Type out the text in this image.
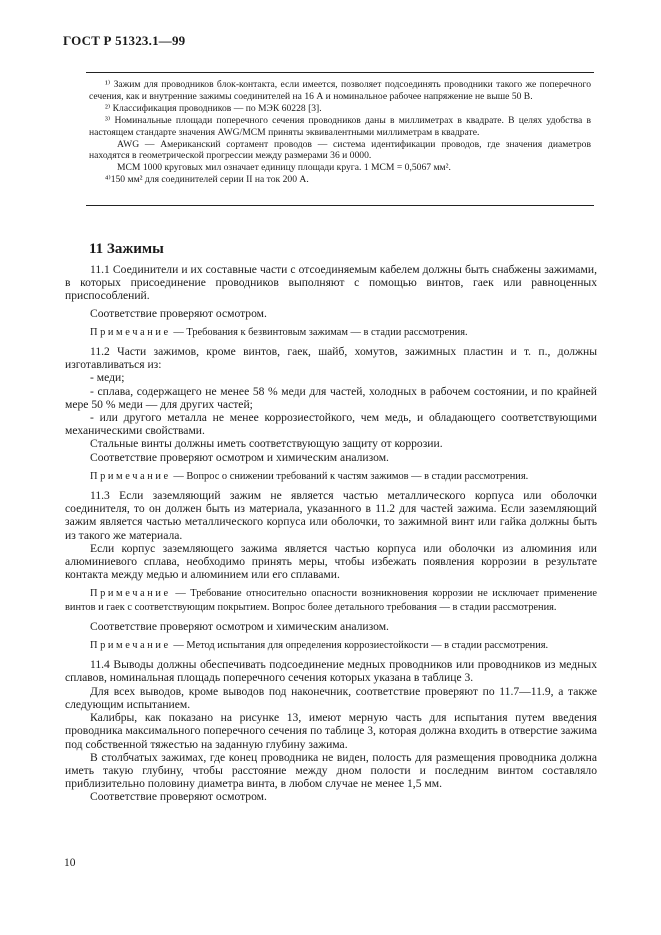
ГОСТ Р 51323.1—99

¹⁾ Зажим для проводников блок-контакта, если имеется, позволяет подсоединять проводники такого же поперечного сечения, как и внутренние зажимы соединителей на 16 А и номинальное рабочее напряжение не выше 50 В.

²⁾ Классификация проводников — по МЭК 60228 [3].

³⁾ Номинальные площади поперечного сечения проводников даны в миллиметрах в квадрате. В целях удобства в настоящем стандарте значения AWG/MCM приняты эквивалентными миллиметрам в квадрате.

AWG — Американский сортамент проводов — система идентификации проводов, где значения диаметров находятся в геометрической прогрессии между размерами 36 и 0000.

MCM 1000 круговых мил означает единицу площади круга. 1 MCM = 0,5067 мм².

⁴⁾150 мм² для соединителей серии II на ток 200 А.

11 Зажимы

11.1 Соединители и их составные части с отсоединяемым кабелем должны быть снабжены зажимами, в которых присоединение проводников выполняют с помощью винтов, гаек или равноценных приспособлений.

Соответствие проверяют осмотром.

Примечание — Требования к безвинтовым зажимам — в стадии рассмотрения.

11.2 Части зажимов, кроме винтов, гаек, шайб, хомутов, зажимных пластин и т. п., должны изготавливаться из:

- меди;

- сплава, содержащего не менее 58 % меди для частей, холодных в рабочем состоянии, и по крайней мере 50 % меди — для других частей;

- или другого металла не менее коррозиестойкого, чем медь, и обладающего соответствующими механическими свойствами.

Стальные винты должны иметь соответствующую защиту от коррозии.

Соответствие проверяют осмотром и химическим анализом.

Примечание — Вопрос о снижении требований к частям зажимов — в стадии рассмотрения.

11.3 Если заземляющий зажим не является частью металлического корпуса или оболочки соединителя, то он должен быть из материала, указанного в 11.2 для частей зажима. Если заземляющий зажим является частью металлического корпуса или оболочки, то зажимной винт или гайка должны быть из такого же материала.

Если корпус заземляющего зажима является частью корпуса или оболочки из алюминия или алюминиевого сплава, необходимо принять меры, чтобы избежать появления коррозии в результате контакта между медью и алюминием или его сплавами.

Примечание — Требование относительно опасности возникновения коррозии не исключает применение винтов и гаек с соответствующим покрытием. Вопрос более детального требования — в стадии рассмотрения.

Соответствие проверяют осмотром и химическим анализом.

Примечание — Метод испытания для определения коррозиестойкости — в стадии рассмотрения.

11.4 Выводы должны обеспечивать подсоединение медных проводников или проводников из медных сплавов, номинальная площадь поперечного сечения которых указана в таблице 3.

Для всех выводов, кроме выводов под наконечник, соответствие проверяют по 11.7—11.9, а также следующим испытанием.

Калибры, как показано на рисунке 13, имеют мерную часть для испытания путем введения проводника максимального поперечного сечения по таблице 3, которая должна входить в отверстие зажима под собственной тяжестью на заданную глубину зажима.

В столбчатых зажимах, где конец проводника не виден, полость для размещения проводника должна иметь такую глубину, чтобы расстояние между дном полости и последним винтом составляло приблизительно половину диаметра винта, в любом случае не менее 1,5 мм.

Соответствие проверяют осмотром.

10
